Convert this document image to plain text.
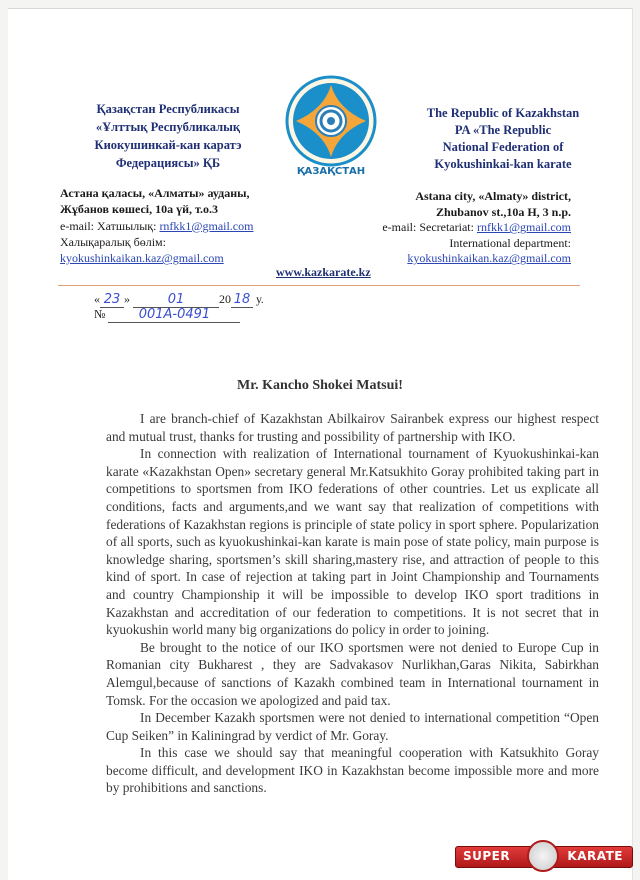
Қазақстан Республикасы
«Ұлттық Республикалық
Киокушинкай-кан каратэ
Федерациясы» ҚБ
ҚАЗАҚСТАН
The Republic of Kazakhstan
PA «The Republic
National Federation of
Kyokushinkai-kan karate
Астана қаласы, «Алматы» ауданы,
Жұбанов көшесі, 10а үй, т.о.3
e-mail: Хатшылық: rnfkk1@gmail.com
Халықаралық бөлім:
kyokushinkaikan.kaz@gmail.com
Astana city, «Almaty» district,
Zhubanov st.,10a H, 3 n.p.
e-mail: Secretariat: rnfkk1@gmail.com
International department:
kyokushinkaikan.kaz@gmail.com
www.kazkarate.kz
« 23 »	01	20 18 у.
№	001A-0491
Mr. Kancho Shokei Matsui!

I are branch-chief of Kazakhstan Abilkairov Sairanbek express our highest respect and mutual trust, thanks for trusting and possibility of partnership with IKO.

In connection with realization of International tournament of Kyuokushinkai-kan karate «Kazakhstan Open» secretary general Mr.Katsukhito Goray prohibited taking part in competitions to sportsmen from IKO federations of other countries. Let us explicate all conditions, facts and arguments,and we want say that realization of competitions with federations of Kazakhstan regions is principle of state policy in sport sphere. Popularization of all sports, such as kyuokushinkai-kan karate is main pose of state policy, main purpose is knowledge sharing, sportsmen’s skill sharing,mastery rise, and attraction of people to this kind of sport. In case of rejection at taking part in Joint Championship and Tournaments and country Championship it will be impossible to develop IKO sport traditions in Kazakhstan and accreditation of our federation to competitions. It is not secret that in kyuokushin world many big organizations do policy in order to joining.

Be brought to the notice of our IKO sportsmen were not denied to Europe Cup in Romanian city Bukharest , they are Sadvakasov Nurlikhan,Garas Nikita, Sabirkhan Alemgul,because of sanctions of Kazakh combined team in International tournament in Tomsk. For the occasion we apologized and paid tax.

In December Kazakh sportsmen were not denied to international competition “Open Cup Seiken” in Kaliningrad by verdict of Mr. Goray.

In this case we should say that meaningful cooperation with Katsukhito Goray become difficult, and development IKO in Kazakhstan become impossible more and more by prohibitions and sanctions.

SUPER	KARATE
